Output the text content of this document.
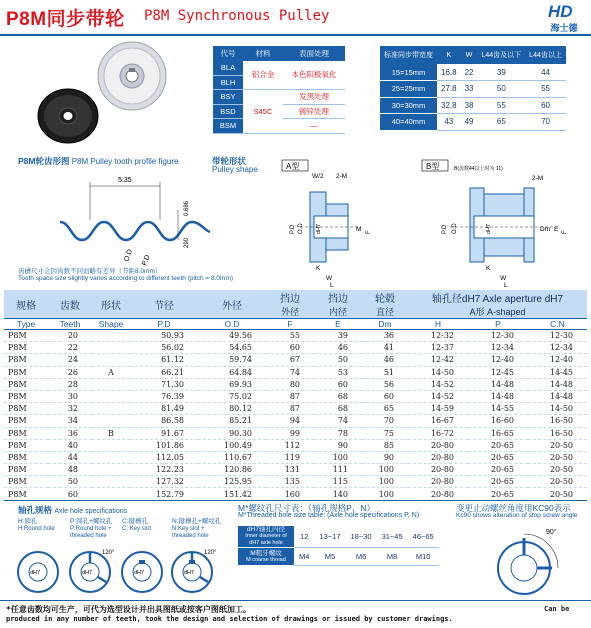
P8M同步带轮 P8M Synchronous Pulley	HD
海士德
代号	材料	表面处理
BLA	铝合金	本色阳极氧化
BLH		
BSY	S45C	发黑处理
BSD		镀锌处理
BSM		—
标准同步带宽度	K	W	L44齿及以下	L44齿以上
15=15mm	16.8	22	39	44
25=25mm	27.8	33	50	55
30=30mm	32.8	38	55	60
40=40mm	43	49	65	70
P8M轮齿形图 P8M Pulley tooth profile figure
5.35
0.686
290
O.D P.D
齿槽尺寸会因齿数不同而略有差异（节距8.0mm）
Tooth space size slightly varies according to different teeth (pitch = 8.0mm)
带轮形状
Pulley shape	A型
W/2 2-M
P.D O.D dH7	M F
K
W
L
B型	B(齿数44以上时为 11)
2-M
P.D O.D	dH7	Dm E F
K
W
L
规格	齿数	形状	节径	外径	挡边	挡边	轮毂	轴孔径dH7 Axle aperture dH7		
					外径	内径	直径	A形 A-shaped		
Type	Teeth	Shape	P.D	O.D	F	E	Dm	H	P	C.N
P8M	20		50.93	49.56	55	39	36	12-32	12-30	12-30
P8M	22		56.02	54.65	60	46	41	12-37	12-34	12-34
P8M	24		61.12	59.74	67	50	46	12-42	12-40	12-40
P8M	26	A	66.21	64.84	74	53	51	14-50	12-45	14-45
P8M	28		71.30	69.93	80	60	56	14-52	14-48	14-48
P8M	30		76.39	75.02	87	68	60	14-52	14-48	14-48
P8M	32		81.49	80.12	87	68	65	14-59	14-55	14-50
P8M	34		86.58	85.21	94	74	70	16-67	16-60	16-50
P8M	36	B	91.67	90.30	99	78	75	16-72	16-65	16-50
P8M	40		101.86	100.49	112	90	85	20-80	20-65	20-50
P8M	44		112.05	110.67	119	100	90	20-80	20-65	20-50
P8M	48		122.23	120.86	131	111	100	20-80	20-65	20-50
P8M	50		127.32	125.95	135	115	100	20-80	20-65	20-50
P8M	60		152.79	151.42	160	140	100	20-80	20-65	20-50
轴孔规格 Axle hole specifications
H:圆孔
H:Round hole
dH7
P:圆孔+螺纹孔
P:Round hole + threaded hole
120°
dH7
C:键槽孔
C: Key slot
dH7
N:键槽孔+螺纹孔
N:Key slot + threaded hole
120°
dH7
M*螺纹孔尺寸表：（轴孔规格P、N）
M*Threaded hole size table: (Axle hole specifications P, N)
dH7轴孔内径
Inner diameter of dH7 axle hole	12	13~17	18~30	31~45	46~65
M粗牙螺纹
M coarse thread	M4	M5	M6	M8	M10
变更止动螺丝角度用KC90表示
Kc90 shows alteration of stop screw angle
90°
*任意齿数均可生产，可代为选型设计并出具图纸或按客户图纸加工。
produced in any number of teeth, took the design and selection of drawings or issued by customer drawings.
Can be
